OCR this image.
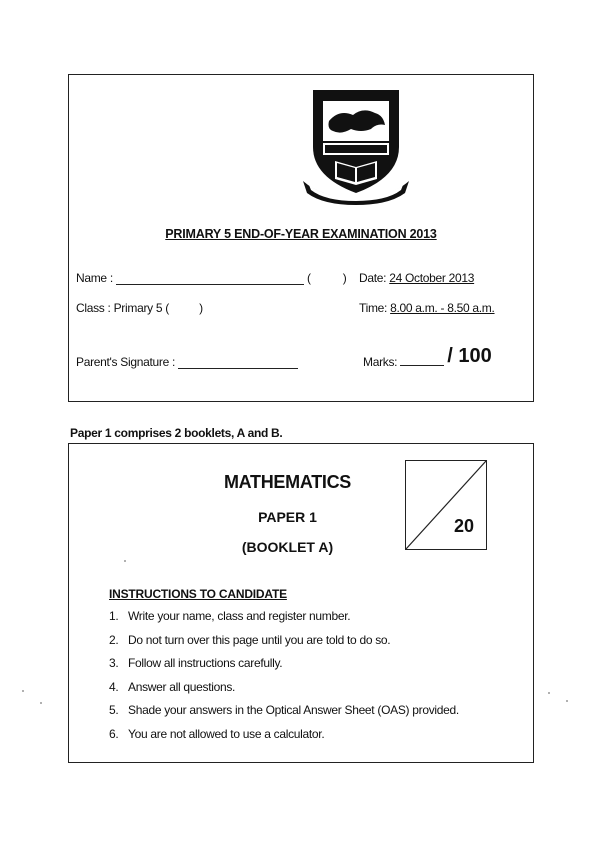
PRIMARY 5 END-OF-YEAR EXAMINATION 2013
Name :	(	) Date: 24 October 2013
Class : Primary 5 (	)	Time: 8.00 a.m. - 8.50 a.m.
Parent's Signature :	Marks:	/ 100
Paper 1 comprises 2 booklets, A and B.
MATHEMATICS
PAPER 1
(BOOKLET A)
20
INSTRUCTIONS TO CANDIDATE
1. Write your name, class and register number.
2. Do not turn over this page until you are told to do so.
3. Follow all instructions carefully.
4. Answer all questions.
5. Shade your answers in the Optical Answer Sheet (OAS) provided.
6. You are not allowed to use a calculator.
